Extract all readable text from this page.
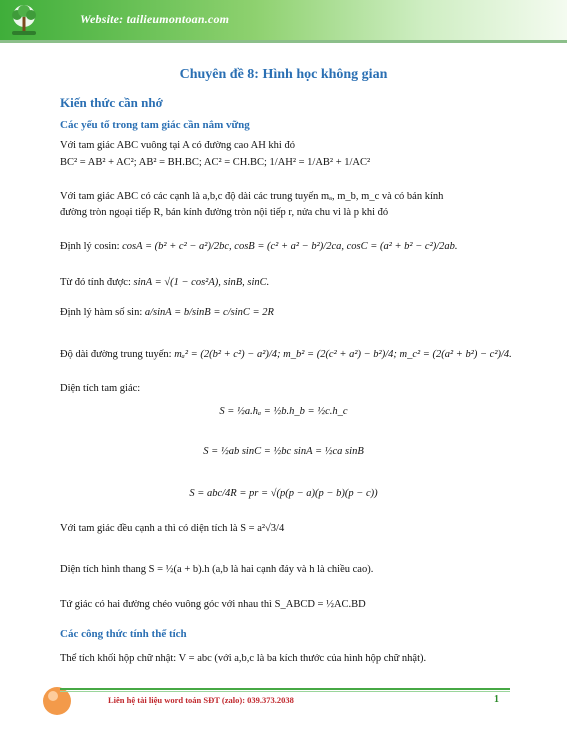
Website: tailieumontoan.com
Chuyên đề 8: Hình học không gian
Kiến thức cần nhớ
Các yếu tố trong tam giác cần nắm vững
Với tam giác ABC vuông tại A có đường cao AH khi đó
BC² = AB² + AC²; AB² = BH.BC; AC² = CH.BC; 1/AH² = 1/AB² + 1/AC²
Với tam giác ABC có các cạnh là a,b,c độ dài các trung tuyến mₐ, m_b, m_c và có bán kính
đường tròn ngoại tiếp R, bán kính đường tròn nội tiếp r, nửa chu vi là p khi đó
Định lý cosin: cosA = (b² + c² − a²)/2bc, cosB = (c² + a² − b²)/2ca, cosC = (a² + b² − c²)/2ab.
Từ đó tính được: sinA = √(1 − cos²A), sinB, sinC.
Định lý hàm số sin: a/sinA = b/sinB = c/sinC = 2R
Độ dài đường trung tuyến: mₐ² = (2(b² + c²) − a²)/4; m_b² = (2(c² + a²) − b²)/4; m_c² = (2(a² + b²) − c²)/4.
Diện tích tam giác:
S = ½a.hₐ = ½b.h_b = ½c.h_c
S = ½ab sinC = ½bc sinA = ½ca sinB
S = abc/4R = pr = √(p(p − a)(p − b)(p − c))
Với tam giác đều cạnh a thì có diện tích là S = a²√3/4
Diện tích hình thang S = ½(a + b).h (a,b là hai cạnh đáy và h là chiều cao).
Tứ giác có hai đường chéo vuông góc với nhau thì S_ABCD = ½AC.BD
Các công thức tính thể tích
Thể tích khối hộp chữ nhật: V = abc (với a,b,c là ba kích thước của hình hộp chữ nhật).
Liên hệ tài liệu word toán SĐT (zalo): 039.373.2038	1
